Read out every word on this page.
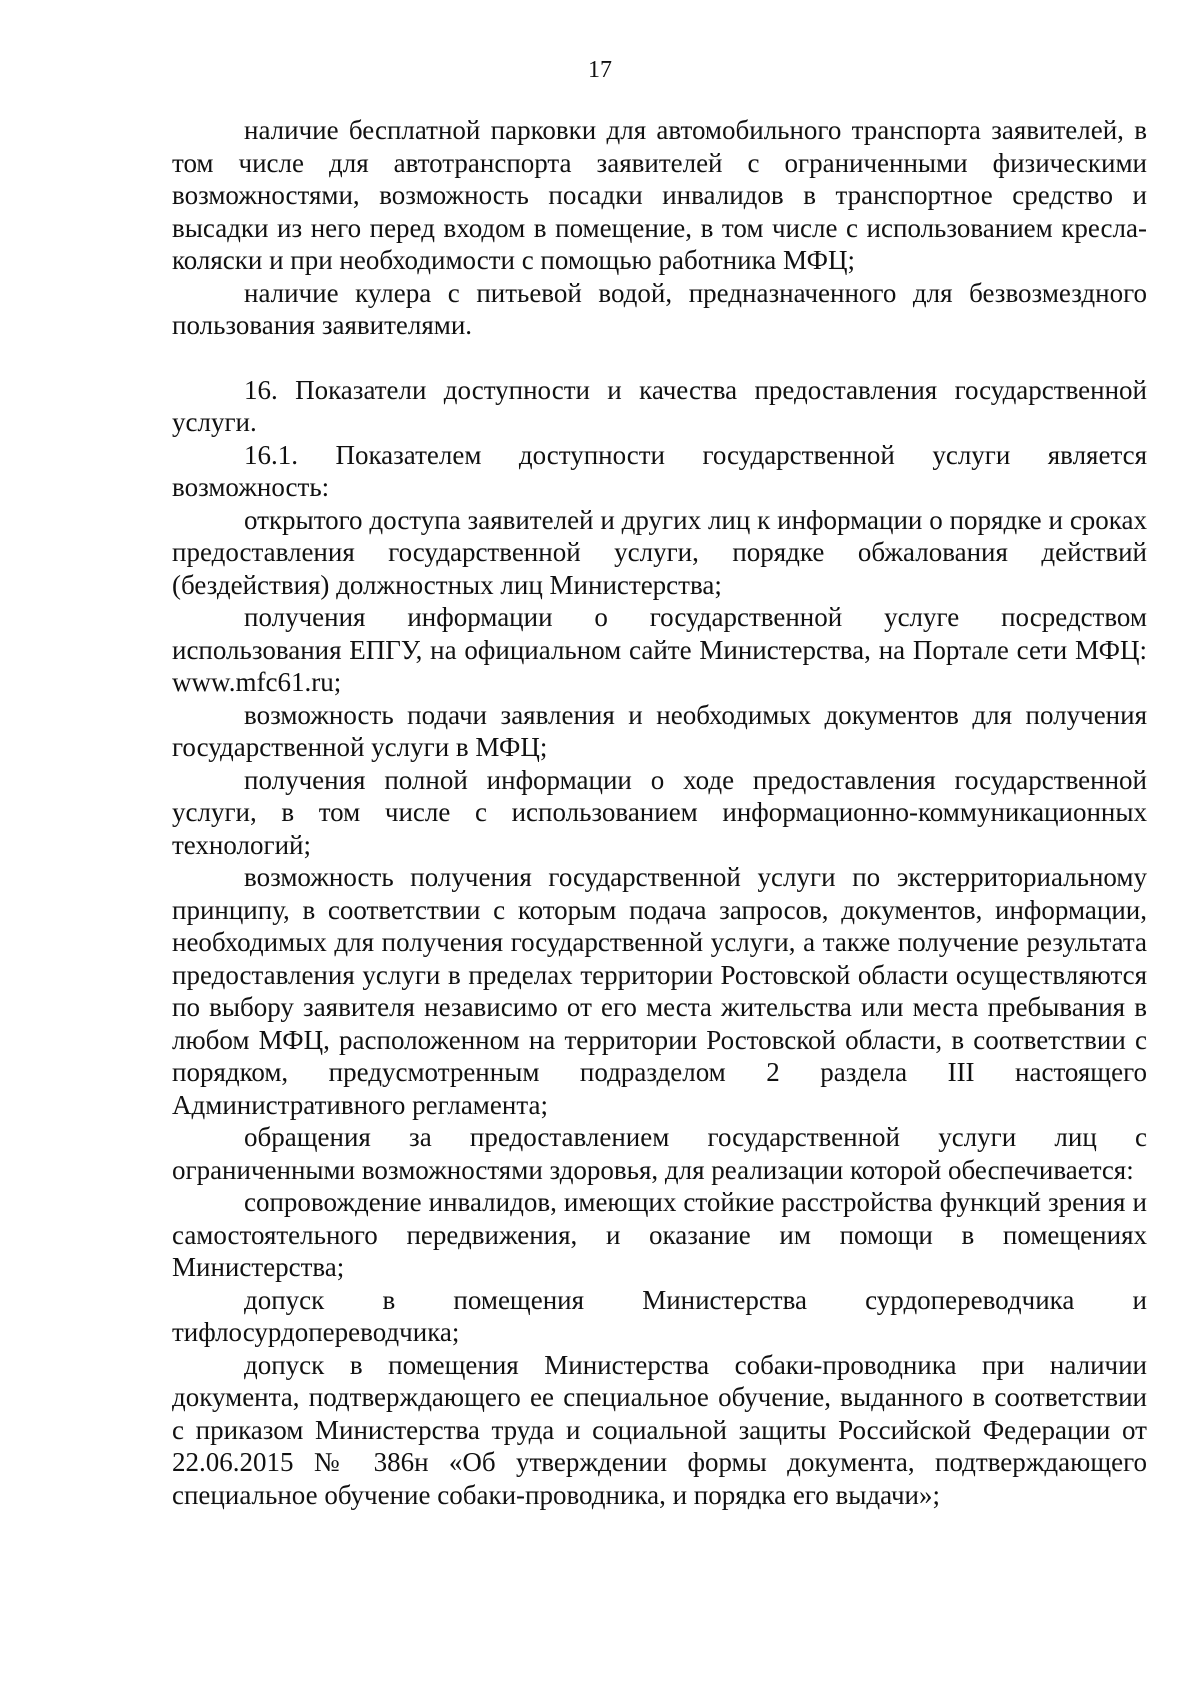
17

наличие бесплатной парковки для автомобильного транспорта заявителей, в том числе для автотранспорта заявителей с ограниченными физическими возможностями, возможность посадки инвалидов в транспортное средство и высадки из него перед входом в помещение, в том числе с использованием кресла-коляски и при необходимости с помощью работника МФЦ;

наличие кулера с питьевой водой, предназначенного для безвозмездного пользования заявителями.

16. Показатели доступности и качества предоставления государственной услуги.

16.1. Показателем доступности государственной услуги является возможность:

открытого доступа заявителей и других лиц к информации о порядке и сроках предоставления государственной услуги, порядке обжалования действий (бездействия) должностных лиц Министерства;

получения информации о государственной услуге посредством использования ЕПГУ, на официальном сайте Министерства, на Портале сети МФЦ: www.mfc61.ru;

возможность подачи заявления и необходимых документов для получения государственной услуги в МФЦ;

получения полной информации о ходе предоставления государственной услуги, в том числе с использованием информационно-коммуникационных технологий;

возможность получения государственной услуги по экстерриториальному принципу, в соответствии с которым подача запросов, документов, информации, необходимых для получения государственной услуги, а также получение результата предоставления услуги в пределах территории Ростовской области осуществляются по выбору заявителя независимо от его места жительства или места пребывания в любом МФЦ, расположенном на территории Ростовской области, в соответствии с порядком, предусмотренным подразделом 2 раздела III настоящего Административного регламента;

обращения за предоставлением государственной услуги лиц с ограниченными возможностями здоровья, для реализации которой обеспечивается:

сопровождение инвалидов, имеющих стойкие расстройства функций зрения и самостоятельного передвижения, и оказание им помощи в помещениях Министерства;

допуск в помещения Министерства сурдопереводчика и тифлосурдопереводчика;

допуск в помещения Министерства собаки-проводника при наличии документа, подтверждающего ее специальное обучение, выданного в соответствии с приказом Министерства труда и социальной защиты Российской Федерации от 22.06.2015 № 386н «Об утверждении формы документа, подтверждающего специальное обучение собаки-проводника, и порядка его выдачи»;
